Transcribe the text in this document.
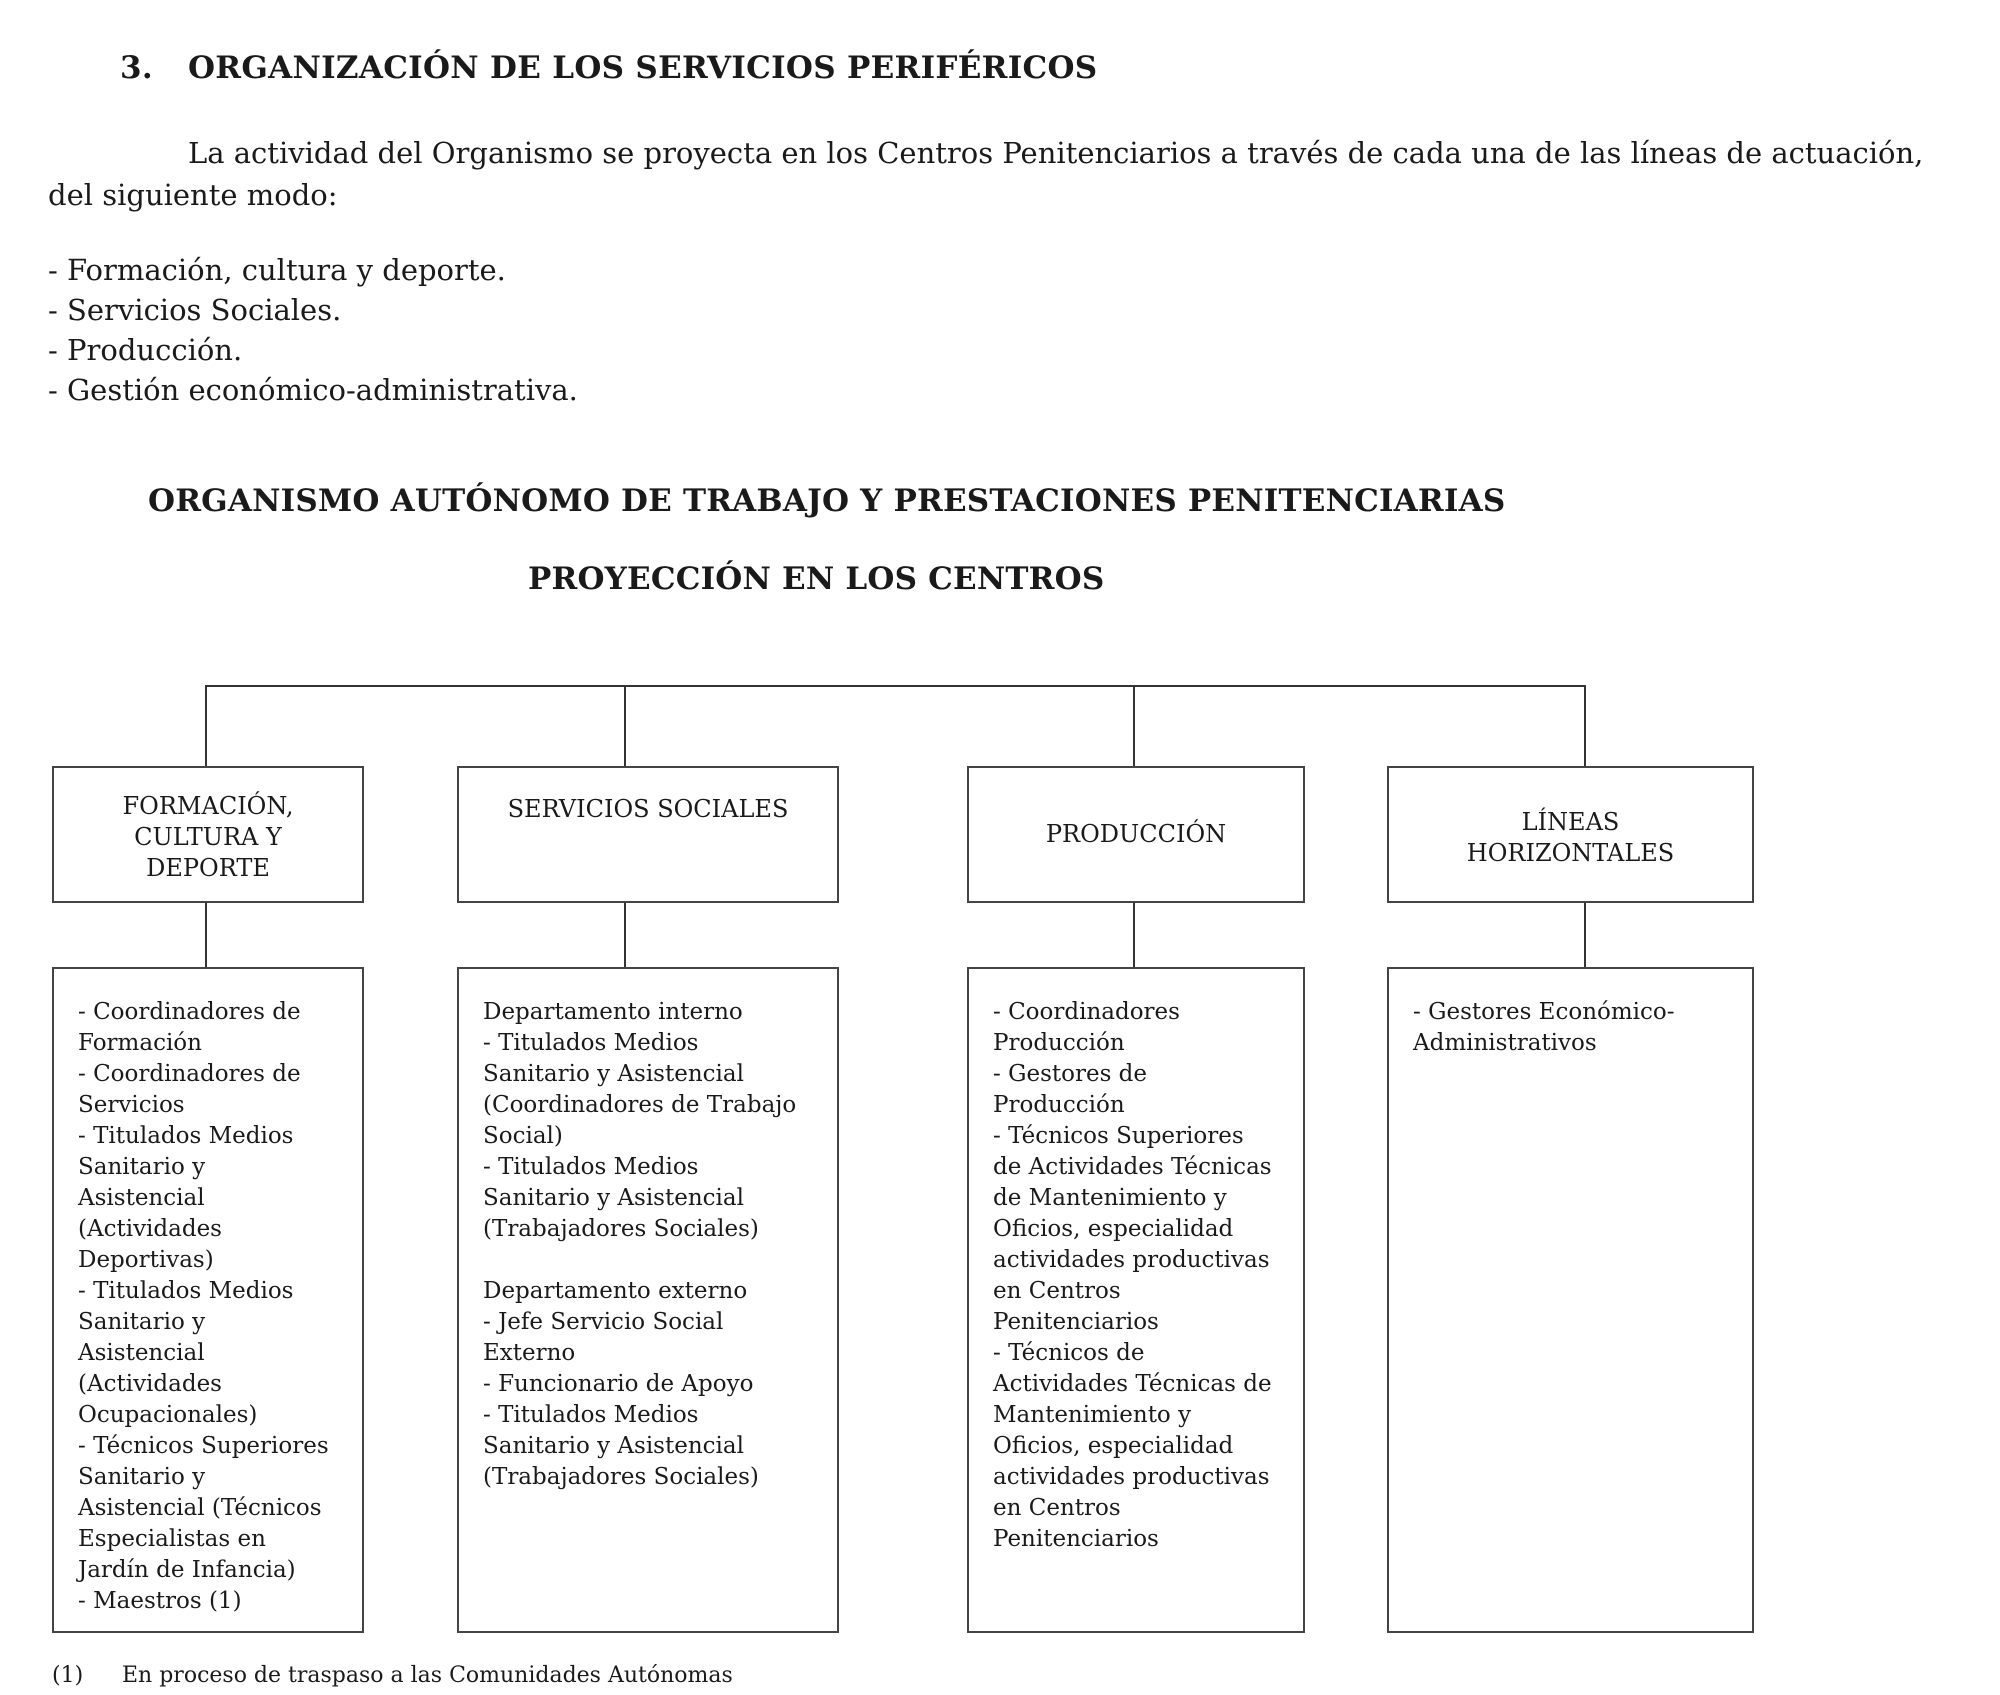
3. ORGANIZACIÓN DE LOS SERVICIOS PERIFÉRICOS
La actividad del Organismo se proyecta en los Centros Penitenciarios a través de cada una de las líneas de actuación,
del siguiente modo:
- Formación, cultura y deporte.
- Servicios Sociales.
- Producción.
- Gestión económico-administrativa.
ORGANISMO AUTÓNOMO DE TRABAJO Y PRESTACIONES PENITENCIARIAS
PROYECCIÓN EN LOS CENTROS
FORMACIÓN,
CULTURA Y
DEPORTE
SERVICIOS SOCIALES
PRODUCCIÓN	LÍNEAS
HORIZONTALES
- Coordinadores de
Formación
- Coordinadores de
Servicios
- Titulados Medios
Sanitario y
Asistencial
(Actividades
Deportivas)
- Titulados Medios
Sanitario y
Asistencial
(Actividades
Ocupacionales)
- Técnicos Superiores
Sanitario y
Asistencial (Técnicos
Especialistas en
Jardín de Infancia)
- Maestros (1)
Departamento interno
- Titulados Medios
Sanitario y Asistencial
(Coordinadores de Trabajo
Social)
- Titulados Medios
Sanitario y Asistencial
(Trabajadores Sociales)
Departamento externo
- Jefe Servicio Social
Externo
- Funcionario de Apoyo
- Titulados Medios
Sanitario y Asistencial
(Trabajadores Sociales)
- Coordinadores
Producción
- Gestores de
Producción
- Técnicos Superiores
de Actividades Técnicas
de Mantenimiento y
Oficios, especialidad
actividades productivas
en Centros
Penitenciarios
- Técnicos de
Actividades Técnicas de
Mantenimiento y
Oficios, especialidad
actividades productivas
en Centros
Penitenciarios
- Gestores Económico-
Administrativos
(1) En proceso de traspaso a las Comunidades Autónomas
